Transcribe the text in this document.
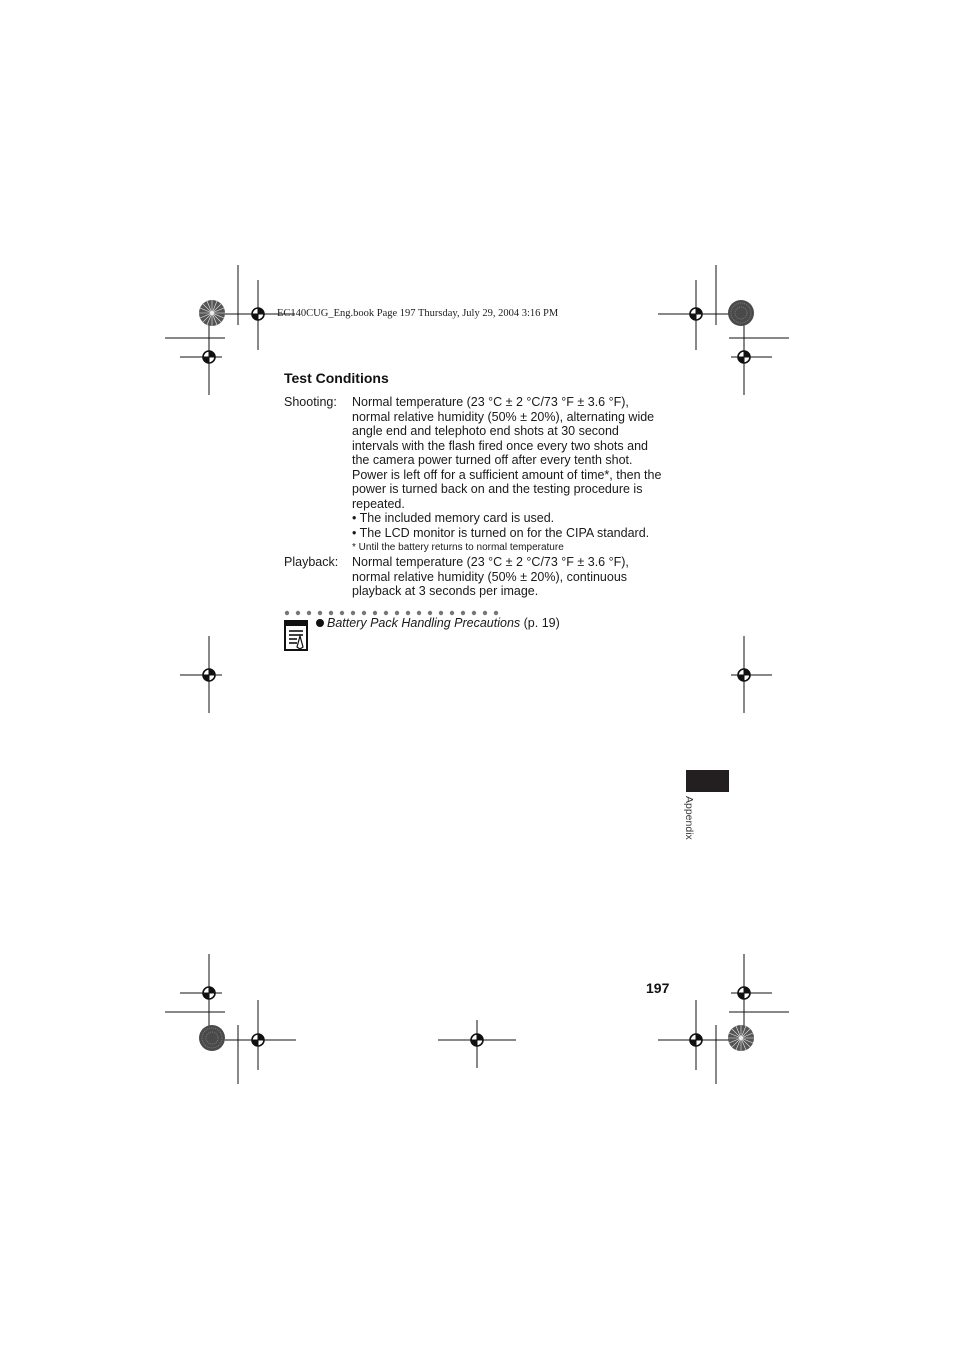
EC140CUG_Eng.book Page 197 Thursday, July 29, 2004 3:16 PM

Test Conditions
Shooting:	Normal temperature (23 °C ± 2 °C/73 °F ± 3.6 °F),

normal relative humidity (50% ± 20%), alternating wide

angle end and telephoto end shots at 30 second

intervals with the flash fired once every two shots and

the camera power turned off after every tenth shot.

Power is left off for a sufficient amount of time*, then the

power is turned back on and the testing procedure is

repeated.

• The included memory card is used.

• The LCD monitor is turned on for the CIPA standard.

* Until the battery returns to normal temperature

Playback:	Normal temperature (23 °C ± 2 °C/73 °F ± 3.6 °F),

normal relative humidity (50% ± 20%), continuous

playback at 3 seconds per image.

Battery Pack Handling Precautions (p. 19)

Appendix

197
